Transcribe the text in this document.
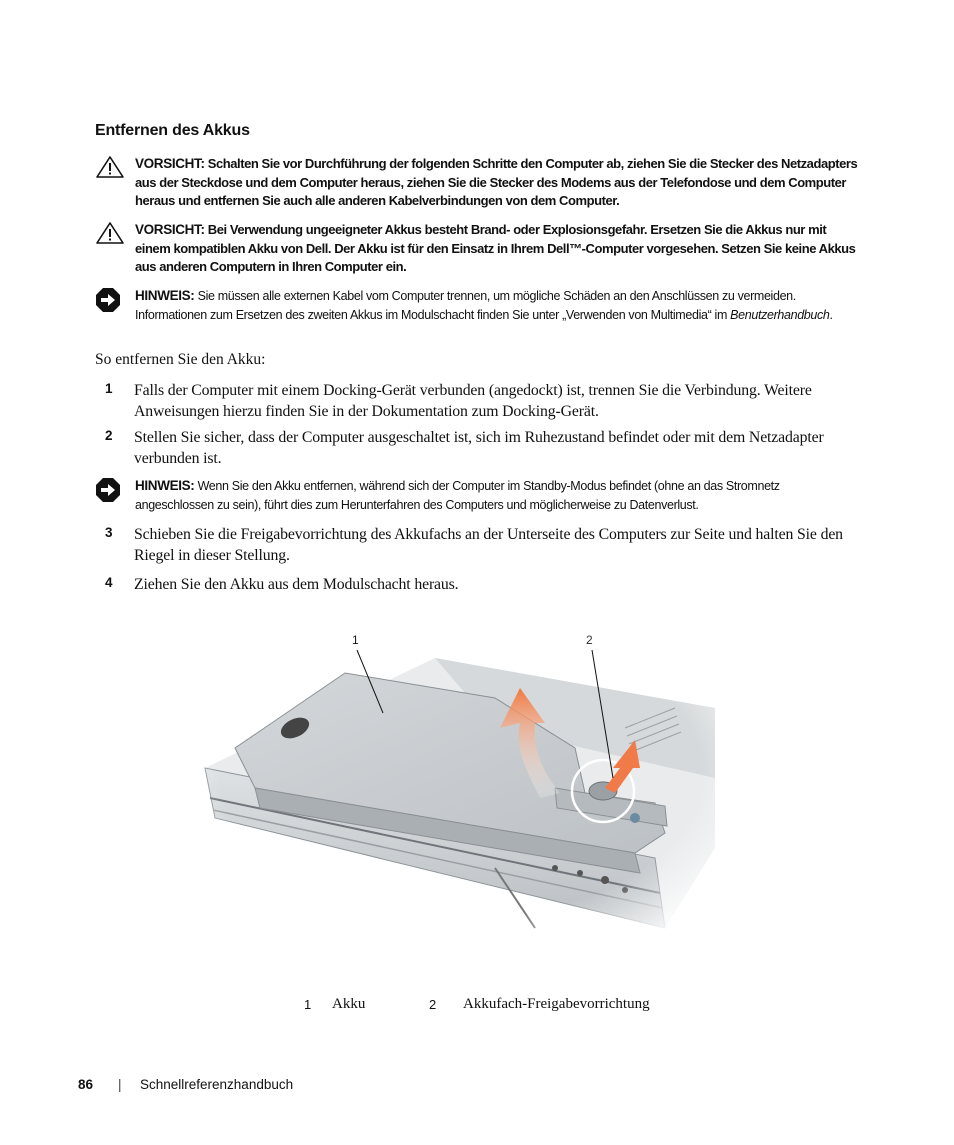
Entfernen des Akkus
VORSICHT: Schalten Sie vor Durchführung der folgenden Schritte den Computer ab, ziehen Sie die Stecker des Netzadapters aus der Steckdose und dem Computer heraus, ziehen Sie die Stecker des Modems aus der Telefondose und dem Computer heraus und entfernen Sie auch alle anderen Kabelverbindungen von dem Computer.
VORSICHT: Bei Verwendung ungeeigneter Akkus besteht Brand- oder Explosionsgefahr. Ersetzen Sie die Akkus nur mit einem kompatiblen Akku von Dell. Der Akku ist für den Einsatz in Ihrem Dell™-Computer vorgesehen. Setzen Sie keine Akkus aus anderen Computern in Ihren Computer ein.
HINWEIS: Sie müssen alle externen Kabel vom Computer trennen, um mögliche Schäden an den Anschlüssen zu vermeiden. Informationen zum Ersetzen des zweiten Akkus im Modulschacht finden Sie unter „Verwenden von Multimedia“ im Benutzerhandbuch.
So entfernen Sie den Akku:
1 Falls der Computer mit einem Docking-Gerät verbunden (angedockt) ist, trennen Sie die Verbindung. Weitere Anweisungen hierzu finden Sie in der Dokumentation zum Docking-Gerät.
2 Stellen Sie sicher, dass der Computer ausgeschaltet ist, sich im Ruhezustand befindet oder mit dem Netzadapter verbunden ist.
HINWEIS: Wenn Sie den Akku entfernen, während sich der Computer im Standby-Modus befindet (ohne an das Stromnetz angeschlossen zu sein), führt dies zum Herunterfahren des Computers und möglicherweise zu Datenverlust.
3 Schieben Sie die Freigabevorrichtung des Akkufachs an der Unterseite des Computers zur Seite und halten Sie den Riegel in dieser Stellung.
4 Ziehen Sie den Akku aus dem Modulschacht heraus.
1 Akku	2 Akkufach-Freigabevorrichtung
86 | Schnellreferenzhandbuch
